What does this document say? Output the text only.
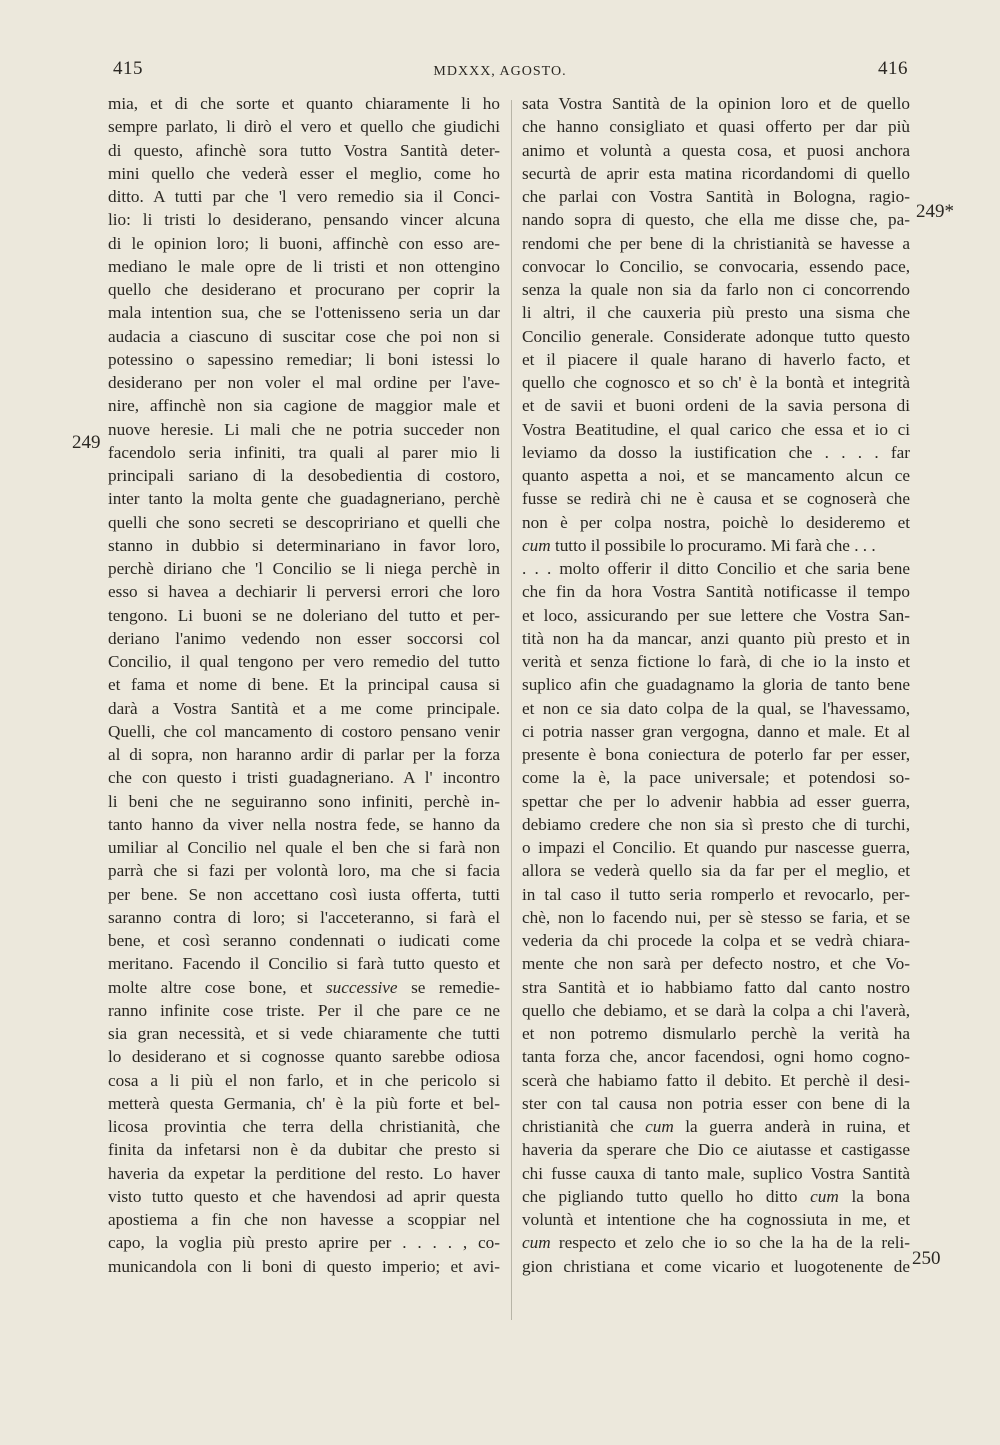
415	MDXXX, AGOSTO.	416
249
249*
250
mia, et di che sorte et quanto chiaramente li ho
sempre parlato, li dirò el vero et quello che giudichi
di questo, afinchè sora tutto Vostra Santità deter-
mini quello che vederà esser el meglio, come ho
ditto. A tutti par che 'l vero remedio sia il Conci-
lio: li tristi lo desiderano, pensando vincer alcuna
di le opinion loro; li buoni, affinchè con esso are-
mediano le male opre de li tristi et non ottengino
quello che desiderano et procurano per coprir la
mala intention sua, che se l'ottenisseno seria un dar
audacia a ciascuno di suscitar cose che poi non si
potessino o sapessino remediar; li boni istessi lo
desiderano per non voler el mal ordine per l'ave-
nire, affinchè non sia cagione de maggior male et
nuove heresie. Li mali che ne potria succeder non
facendolo seria infiniti, tra quali al parer mio li
principali sariano di la desobedientia di costoro,
inter tanto la molta gente che guadagneriano, perchè
quelli che sono secreti se descopririano et quelli che
stanno in dubbio si determinariano in favor loro,
perchè diriano che 'l Concilio se li niega perchè in
esso si havea a dechiarir li perversi errori che loro
tengono. Li buoni se ne doleriano del tutto et per-
deriano l'animo vedendo non esser soccorsi col
Concilio, il qual tengono per vero remedio del tutto
et fama et nome di bene. Et la principal causa si
darà a Vostra Santità et a me come principale.
Quelli, che col mancamento di costoro pensano venir
al di sopra, non haranno ardir di parlar per la forza
che con questo i tristi guadagneriano. A l' incontro
li beni che ne seguiranno sono infiniti, perchè in-
tanto hanno da viver nella nostra fede, se hanno da
umiliar al Concilio nel quale el ben che si farà non
parrà che si fazi per volontà loro, ma che si facia
per bene. Se non accettano così iusta offerta, tutti
saranno contra di loro; si l'acceteranno, si farà el
bene, et così seranno condennati o iudicati come
meritano. Facendo il Concilio si farà tutto questo et
molte altre cose bone, et successive se remedie-
ranno infinite cose triste. Per il che pare ce ne
sia gran necessità, et si vede chiaramente che tutti
lo desiderano et si cognosse quanto sarebbe odiosa
cosa a li più el non farlo, et in che pericolo si
metterà questa Germania, ch' è la più forte et bel-
licosa provintia che terra della christianità, che
finita da infetarsi non è da dubitar che presto si
haveria da expetar la perditione del resto. Lo haver
visto tutto questo et che havendosi ad aprir questa
apostiema a fin che non havesse a scoppiar nel
capo, la voglia più presto aprire per . . . . , co-
municandola con li boni di questo imperio; et avi-
sata Vostra Santità de la opinion loro et de quello
che hanno consigliato et quasi offerto per dar più
animo et voluntà a questa cosa, et puosi anchora
securtà de aprir esta matina ricordandomi di quello
che parlai con Vostra Santità in Bologna, ragio-
nando sopra di questo, che ella me disse che, pa-
rendomi che per bene di la christianità se havesse a
convocar lo Concilio, se convocaria, essendo pace,
senza la quale non sia da farlo non ci concorrendo
li altri, il che cauxeria più presto una sisma che
Concilio generale. Considerate adonque tutto questo
et il piacere il quale harano di haverlo facto, et
quello che cognosco et so ch' è la bontà et integrità
et de savii et buoni ordeni de la savia persona di
Vostra Beatitudine, el qual carico che essa et io ci
leviamo da dosso la iustification che . . . . far
quanto aspetta a noi, et se mancamento alcun ce
fusse se redirà chi ne è causa et se cognoserà che
non è per colpa nostra, poichè lo desideremo et
cum tutto il possibile lo procuramo. Mi farà che . . .
. . . molto offerir il ditto Concilio et che saria bene
che fin da hora Vostra Santità notificasse il tempo
et loco, assicurando per sue lettere che Vostra San-
tità non ha da mancar, anzi quanto più presto et in
verità et senza fictione lo farà, di che io la insto et
suplico afin che guadagnamo la gloria de tanto bene
et non ce sia dato colpa de la qual, se l'havessamo,
ci potria nasser gran vergogna, danno et male. Et al
presente è bona coniectura de poterlo far per esser,
come la è, la pace universale; et potendosi so-
spettar che per lo advenir habbia ad esser guerra,
debiamo credere che non sia sì presto che di turchi,
o impazi el Concilio. Et quando pur nascesse guerra,
allora se vederà quello sia da far per el meglio, et
in tal caso il tutto seria romperlo et revocarlo, per-
chè, non lo facendo nui, per sè stesso se faria, et se
vederia da chi procede la colpa et se vedrà chiara-
mente che non sarà per defecto nostro, et che Vo-
stra Santità et io habbiamo fatto dal canto nostro
quello che debiamo, et se darà la colpa a chi l'averà,
et non potremo dismularlo perchè la verità ha
tanta forza che, ancor facendosi, ogni homo cogno-
scerà che habiamo fatto il debito. Et perchè il desi-
ster con tal causa non potria esser con bene di la
christianità che cum la guerra anderà in ruina, et
haveria da sperare che Dio ce aiutasse et castigasse
chi fusse cauxa di tanto male, suplico Vostra Santità
che pigliando tutto quello ho ditto cum la bona
voluntà et intentione che ha cognossiuta in me, et
cum respecto et zelo che io so che la ha de la reli-
gion christiana et come vicario et luogotenente de
